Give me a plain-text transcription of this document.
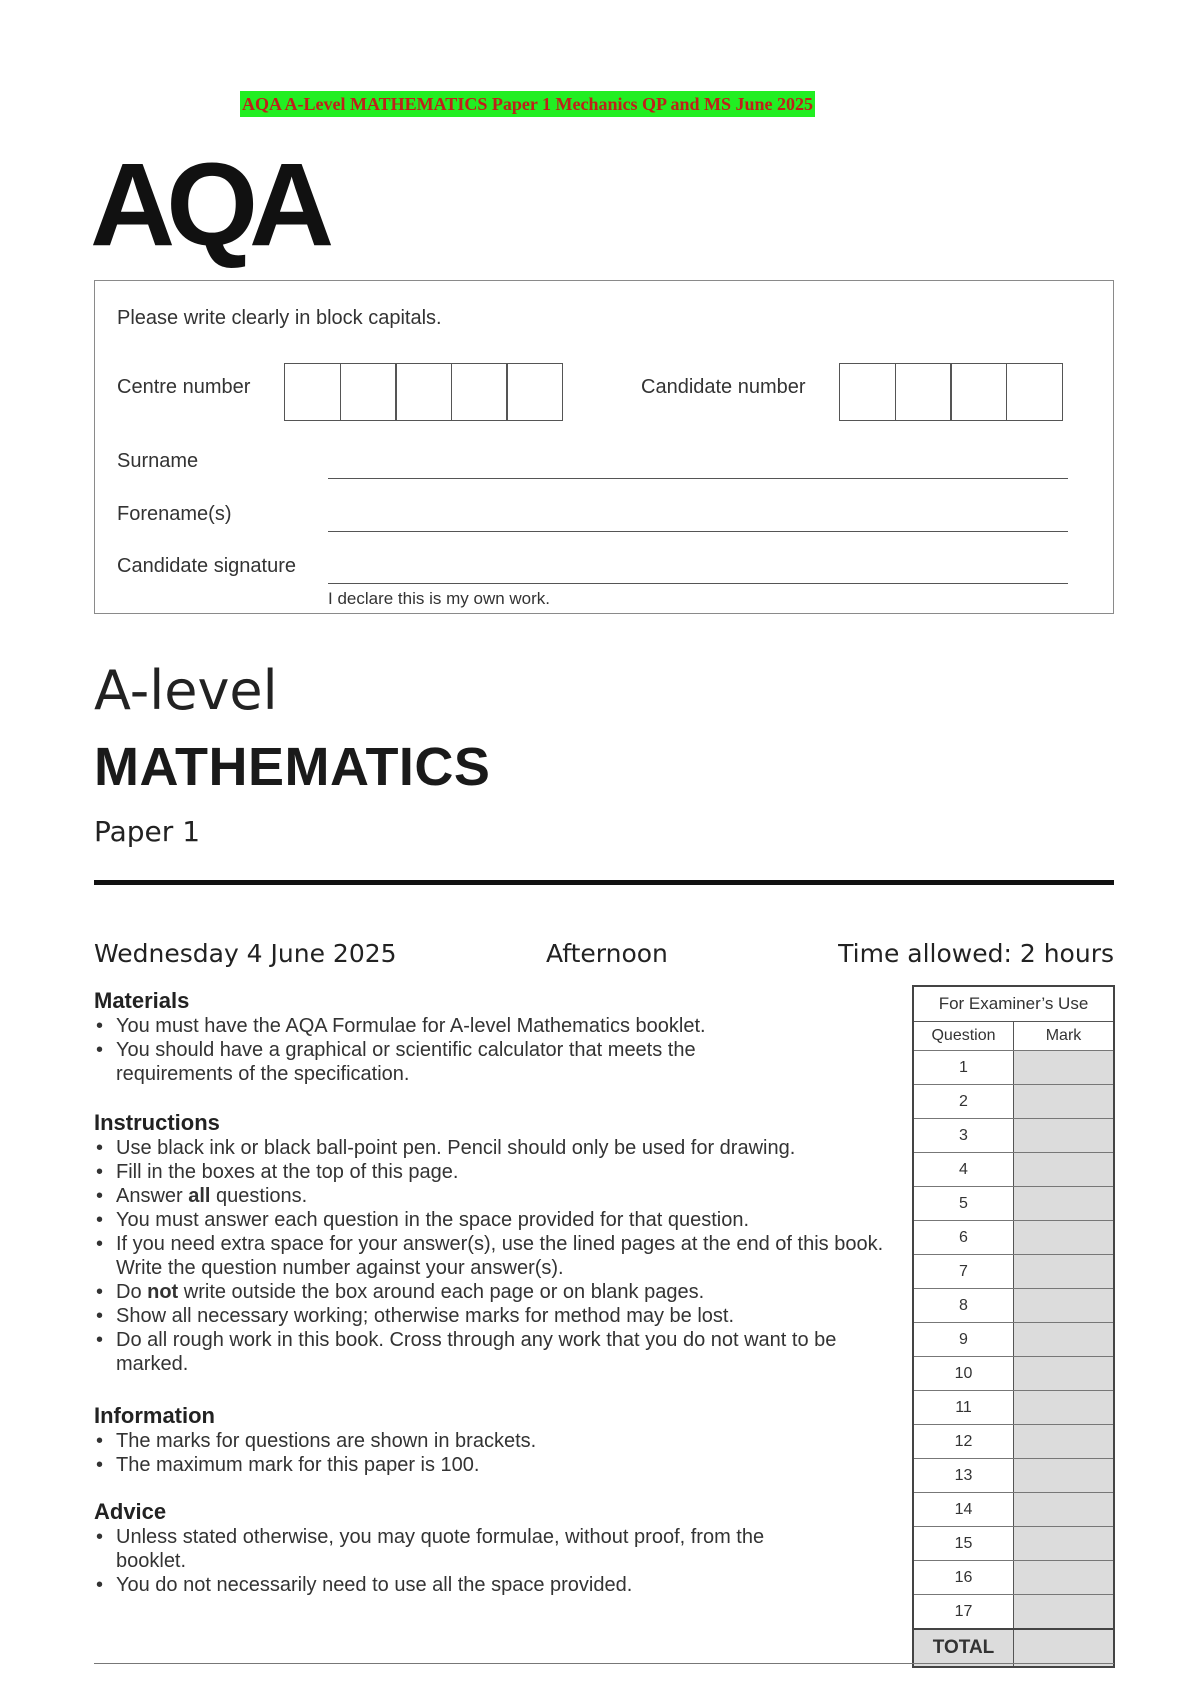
AQA A-Level MATHEMATICS Paper 1 Mechanics QP and MS June 2025
AQA
Please write clearly in block capitals.
Centre number	Candidate number
Surname
Forename(s)
Candidate signature
I declare this is my own work.
A-level
MATHEMATICS
Paper 1
Wednesday 4 June 2025	Afternoon	Time allowed: 2 hours
Materials
• You must have the AQA Formulae for A-level Mathematics booklet.
• You should have a graphical or scientific calculator that meets the requirements of the specification.
Instructions
• Use black ink or black ball-point pen. Pencil should only be used for drawing.
• Fill in the boxes at the top of this page.
• Answer all questions.
• You must answer each question in the space provided for that question.
• If you need extra space for your answer(s), use the lined pages at the end of this book. Write the question number against your answer(s).
• Do not write outside the box around each page or on blank pages.
• Show all necessary working; otherwise marks for method may be lost.
• Do all rough work in this book. Cross through any work that you do not want to be marked.
Information
• The marks for questions are shown in brackets.
• The maximum mark for this paper is 100.
Advice
• Unless stated otherwise, you may quote formulae, without proof, from the booklet.
• You do not necessarily need to use all the space provided.
For Examiner’s Use
Question	Mark
1
2
3
4
5
6
7
8
9
10
11
12
13
14
15
16
17
TOTAL
